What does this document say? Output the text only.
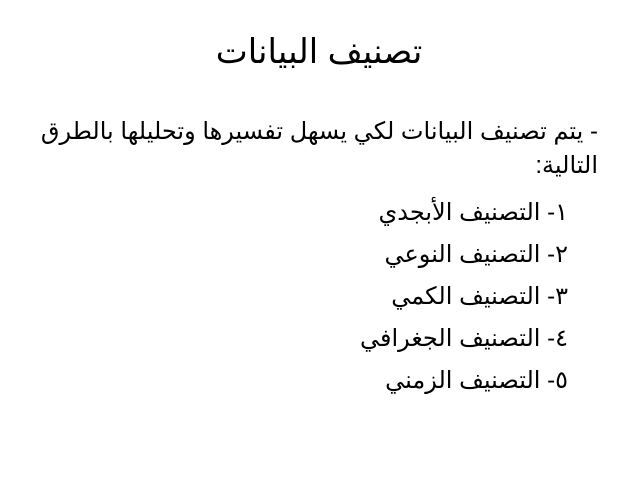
تصنيف البيانات
- يتم تصنيف البيانات لكي يسهل تفسيرها وتحليلها بالطرق التالية:
١- التصنيف الأبجدي
٢- التصنيف النوعي
٣- التصنيف الكمي
٤- التصنيف الجغرافي
٥- التصنيف الزمني
